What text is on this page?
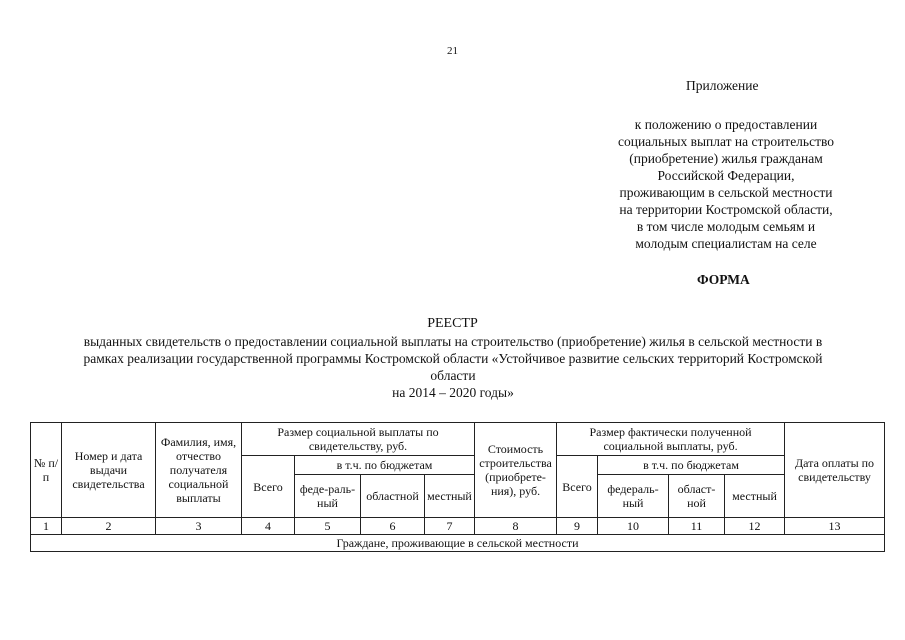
21
Приложение
к положению о предоставлении
социальных выплат на строительство
(приобретение) жилья гражданам
Российской Федерации,
проживающим в сельской местности
на территории Костромской области,
в том числе молодым семьям и
молодым специалистам на селе
ФОРМА
РЕЕСТР
выданных свидетельств о предоставлении социальной выплаты на строительство (приобретение) жилья в сельской местности в
рамках реализации государственной программы Костромской области «Устойчивое развитие сельских территорий Костромской
области
на 2014 – 2020 годы»
№ п/п	Номер и дата выдачи свидетельства	Фамилия, имя, отчество получателя социальной выплаты	Размер социальной выплаты по свидетельству, руб.				Стоимость строительства (приобрете-ния), руб.	Размер фактически полученной социальной выплаты, руб.				Дата оплаты по свидетельству
			Всего	в т.ч. по бюджетам				Всего	в т.ч. по бюджетам			
				феде-раль-ный	областной	местный			федераль-ный	област-ной	местный	
1	2	3	4	5	6	7	8	9	10	11	12	13
Граждане, проживающие в сельской местности												
